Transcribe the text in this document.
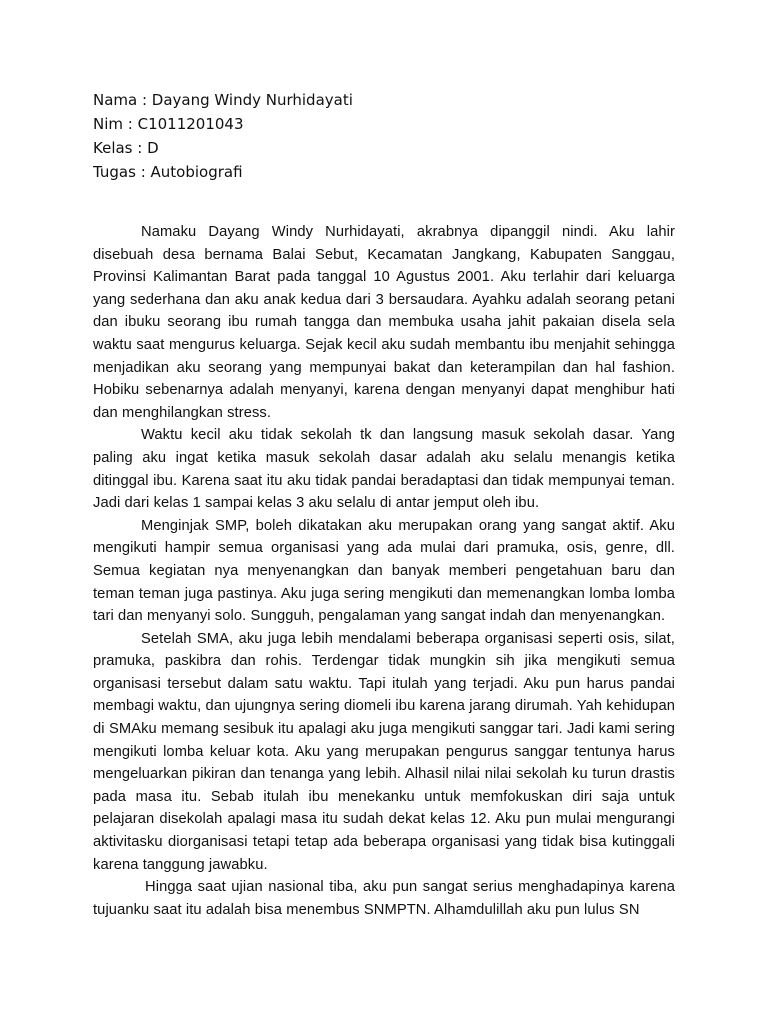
Nama : Dayang Windy Nurhidayati
Nim : C1011201043
Kelas : D
Tugas : Autobiografi

Namaku Dayang Windy Nurhidayati, akrabnya dipanggil nindi. Aku lahir disebuah desa bernama Balai Sebut, Kecamatan Jangkang, Kabupaten Sanggau, Provinsi Kalimantan Barat pada tanggal 10 Agustus 2001. Aku terlahir dari keluarga yang sederhana dan aku anak kedua dari 3 bersaudara. Ayahku adalah seorang petani dan ibuku seorang ibu rumah tangga dan membuka usaha jahit pakaian disela sela waktu saat mengurus keluarga. Sejak kecil aku sudah membantu ibu menjahit sehingga menjadikan aku seorang yang mempunyai bakat dan keterampilan dan hal fashion. Hobiku sebenarnya adalah menyanyi, karena dengan menyanyi dapat menghibur hati dan menghilangkan stress.

Waktu kecil aku tidak sekolah tk dan langsung masuk sekolah dasar. Yang paling aku ingat ketika masuk sekolah dasar adalah aku selalu menangis ketika ditinggal ibu. Karena saat itu aku tidak pandai beradaptasi dan tidak mempunyai teman. Jadi dari kelas 1 sampai kelas 3 aku selalu di antar jemput oleh ibu.

Menginjak SMP, boleh dikatakan aku merupakan orang yang sangat aktif. Aku mengikuti hampir semua organisasi yang ada mulai dari pramuka, osis, genre, dll. Semua kegiatan nya menyenangkan dan banyak memberi pengetahuan baru dan teman teman juga pastinya. Aku juga sering mengikuti dan memenangkan lomba lomba tari dan menyanyi solo. Sungguh, pengalaman yang sangat indah dan menyenangkan.

Setelah SMA, aku juga lebih mendalami beberapa organisasi seperti osis, silat, pramuka, paskibra dan rohis. Terdengar tidak mungkin sih jika mengikuti semua organisasi tersebut dalam satu waktu. Tapi itulah yang terjadi. Aku pun harus pandai membagi waktu, dan ujungnya sering diomeli ibu karena jarang dirumah. Yah kehidupan di SMAku memang sesibuk itu apalagi aku juga mengikuti sanggar tari. Jadi kami sering mengikuti lomba keluar kota. Aku yang merupakan pengurus sanggar tentunya harus mengeluarkan pikiran dan tenanga yang lebih. Alhasil nilai nilai sekolah ku turun drastis pada masa itu. Sebab itulah ibu menekanku untuk memfokuskan diri saja untuk pelajaran disekolah apalagi masa itu sudah dekat kelas 12. Aku pun mulai mengurangi aktivitasku diorganisasi tetapi tetap ada beberapa organisasi yang tidak bisa kutinggali karena tanggung jawabku.

Hingga saat ujian nasional tiba, aku pun sangat serius menghadapinya karena tujuanku saat itu adalah bisa menembus SNMPTN. Alhamdulillah aku pun lulus SN
